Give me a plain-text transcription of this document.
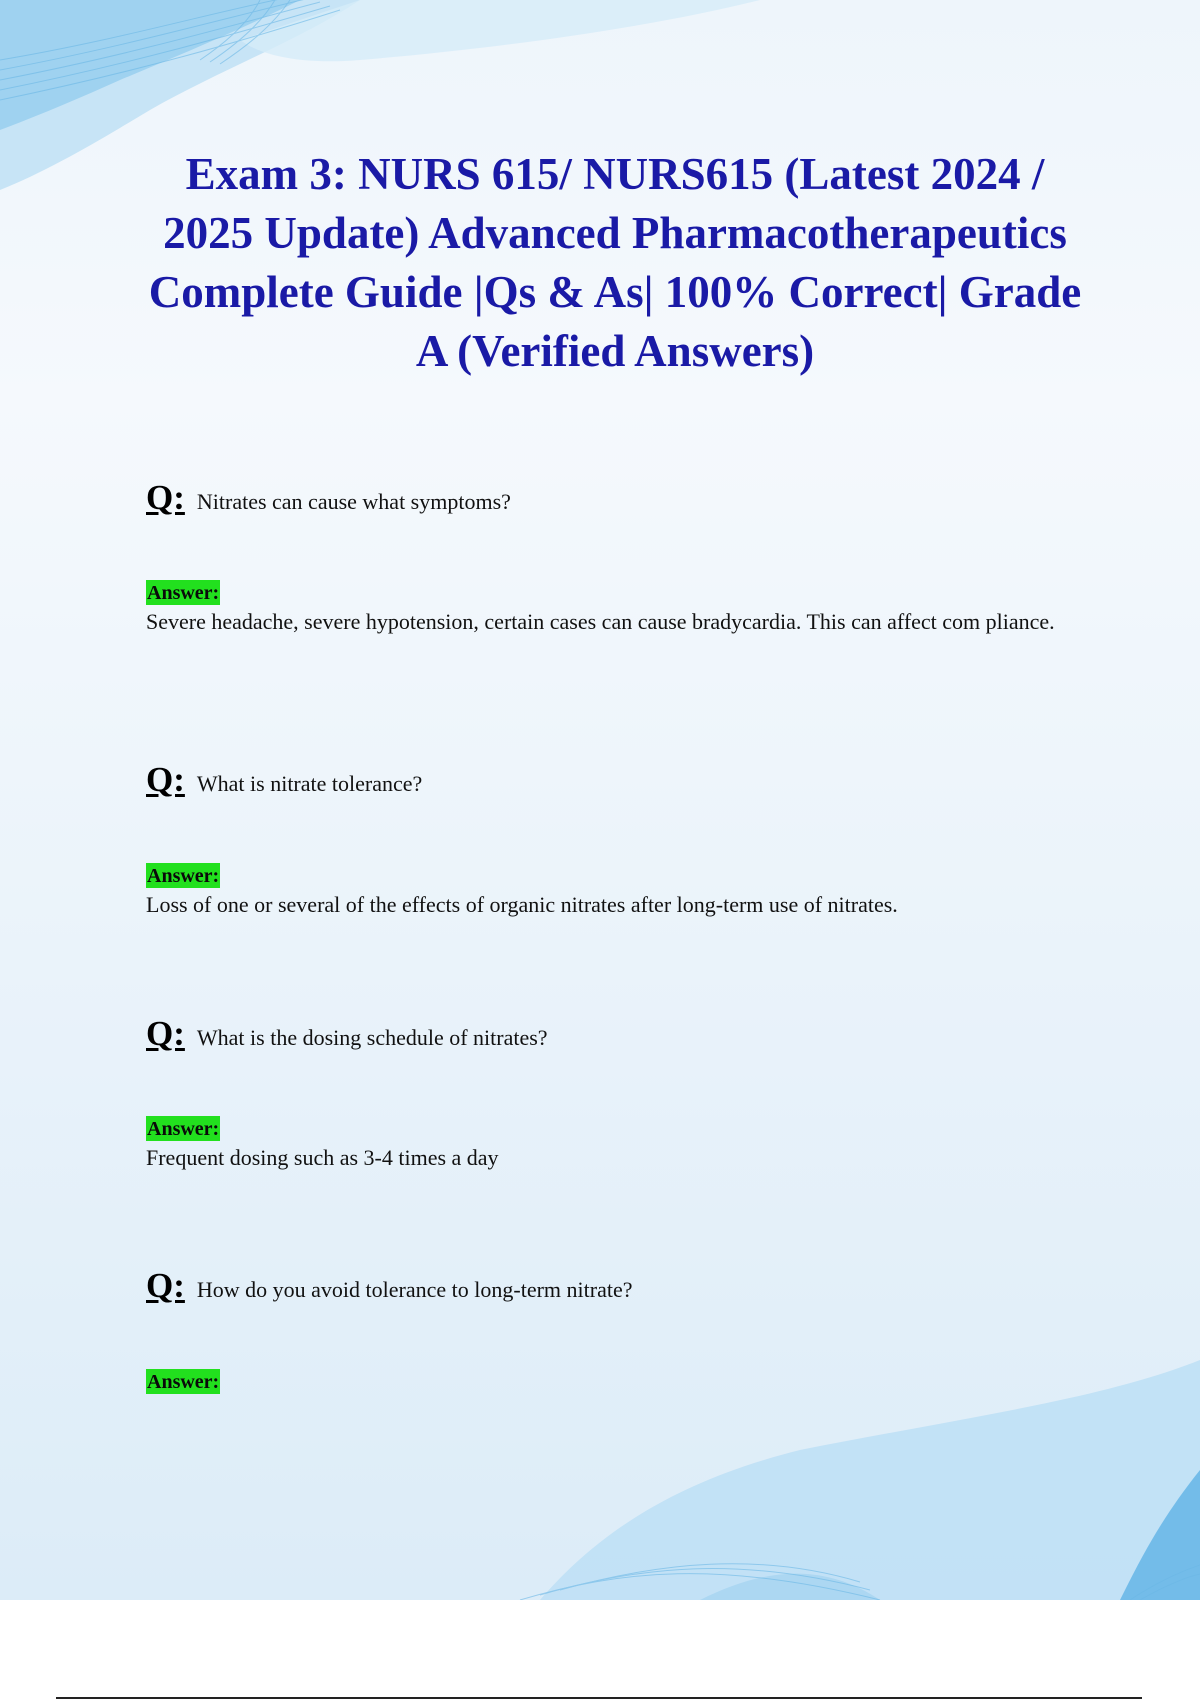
Exam 3: NURS 615/ NURS615 (Latest 2024 / 2025 Update) Advanced Pharmacotherapeutics Complete Guide |Qs & As| 100% Correct| Grade A (Verified Answers)
Q: Nitrates can cause what symptoms?
Answer:
Severe headache, severe hypotension, certain cases can cause bradycardia. This can affect com pliance.
Q: What is nitrate tolerance?
Answer:
Loss of one or several of the effects of organic nitrates after long-term use of nitrates.
Q: What is the dosing schedule of nitrates?
Answer:
Frequent dosing such as 3-4 times a day
Q: How do you avoid tolerance to long-term nitrate?
Answer:
